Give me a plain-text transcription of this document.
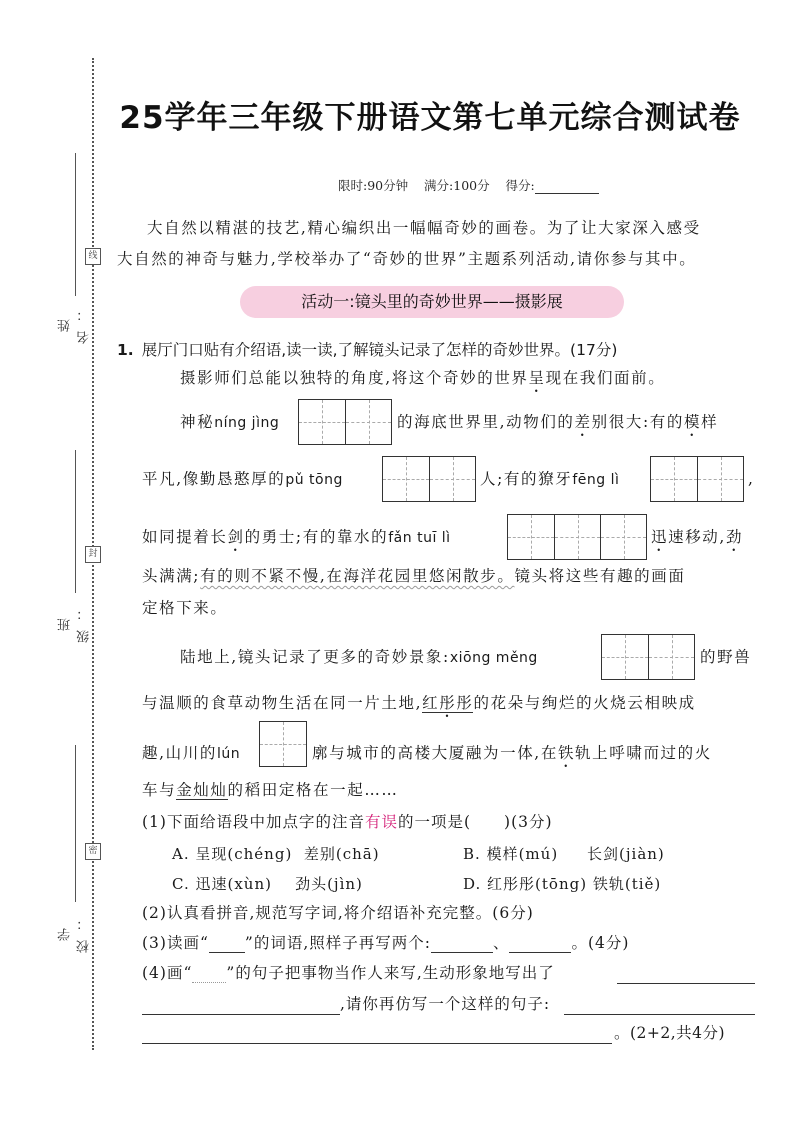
姓 名：
线
班 级：
封
学 校：
密
25学年三年级下册语文第七单元综合测试卷
限时:90分钟 满分:100分 得分:
大自然以精湛的技艺,精心编织出一幅幅奇妙的画卷。为了让大家深入感受
大自然的神奇与魅力,学校举办了“奇妙的世界”主题系列活动,请你参与其中。
活动一:镜头里的奇妙世界——摄影展
1. 展厅门口贴有介绍语,读一读,了解镜头记录了怎样的奇妙世界。(17分)
摄影师们总能以独特的角度,将这个奇妙的世界呈现在我们面前。
神秘níng jìng	的海底世界里,动物们的差别很大:有的模样
平凡,像勤恳憨厚的pǔ tōng	人;有的獠牙fēng lì	,
如同提着长剑的勇士;有的靠水的fǎn tuī lì	迅速移动,劲
头满满;有的则不紧不慢,在海洋花园里悠闲散步。镜头将这些有趣的画面
定格下来。
陆地上,镜头记录了更多的奇妙景象:xiōng měng	的野兽
与温顺的食草动物生活在同一片土地,红彤彤的花朵与绚烂的火烧云相映成
趣,山川的lún	廓与城市的高楼大厦融为一体,在铁轨上呼啸而过的火
车与金灿灿的稻田定格在一起……
(1)下面给语段中加点字的注音有误的一项是(　　)(3分)
A. 呈现(chéng) 差别(chā)	B. 模样(mú) 长剑(jiàn)
C. 迅速(xùn) 劲头(jìn)	D. 红彤彤(tōng) 铁轨(tiě)
(2)认真看拼音,规范写字词,将介绍语补充完整。(6分)
(3)读画“ ”的词语,照样子再写两个:	、	。(4分)
(4)画“ ”的句子把事物当作人来写,生动形象地写出了
,请你再仿写一个这样的句子:
。(2+2,共4分)
